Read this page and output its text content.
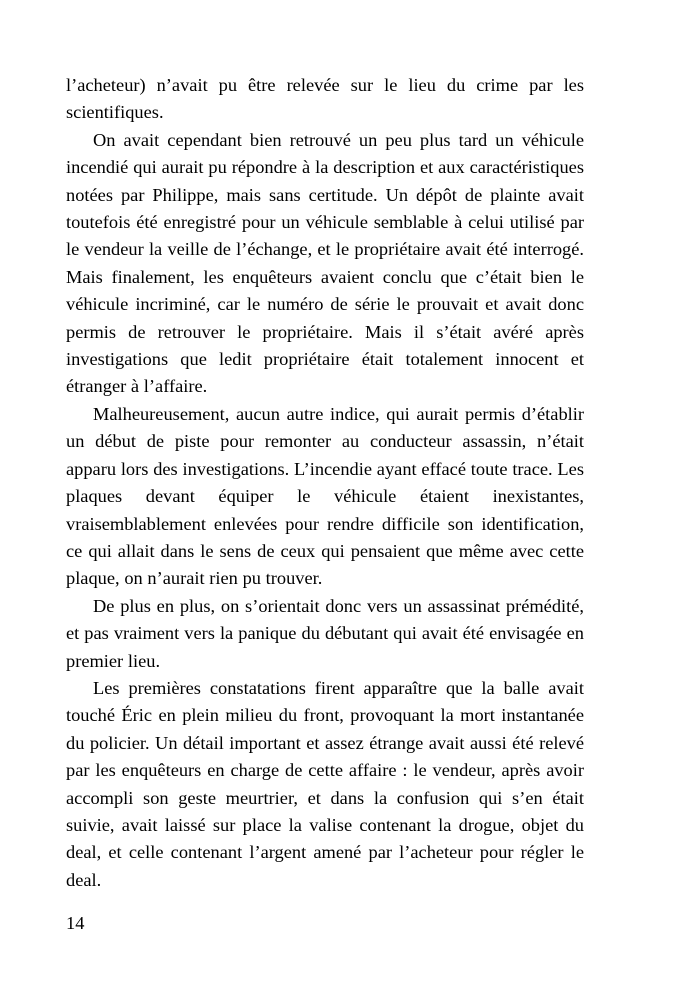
l’acheteur) n’avait pu être relevée sur le lieu du crime par les scientifiques.

On avait cependant bien retrouvé un peu plus tard un véhicule incendié qui aurait pu répondre à la description et aux caractéristiques notées par Philippe, mais sans certitude. Un dépôt de plainte avait toutefois été enregistré pour un véhicule semblable à celui utilisé par le vendeur la veille de l’échange, et le propriétaire avait été interrogé. Mais finalement, les enquêteurs avaient conclu que c’était bien le véhicule incriminé, car le numéro de série le prouvait et avait donc permis de retrouver le propriétaire. Mais il s’était avéré après investigations que ledit propriétaire était totalement innocent et étranger à l’affaire.

Malheureusement, aucun autre indice, qui aurait permis d’établir un début de piste pour remonter au conducteur assassin, n’était apparu lors des investigations. L’incendie ayant effacé toute trace. Les plaques devant équiper le véhicule étaient inexistantes, vraisemblablement enlevées pour rendre difficile son identification, ce qui allait dans le sens de ceux qui pensaient que même avec cette plaque, on n’aurait rien pu trouver.

De plus en plus, on s’orientait donc vers un assassinat prémédité, et pas vraiment vers la panique du débutant qui avait été envisagée en premier lieu.

Les premières constatations firent apparaître que la balle avait touché Éric en plein milieu du front, provoquant la mort instantanée du policier. Un détail important et assez étrange avait aussi été relevé par les enquêteurs en charge de cette affaire : le vendeur, après avoir accompli son geste meurtrier, et dans la confusion qui s’en était suivie, avait laissé sur place la valise contenant la drogue, objet du deal, et celle contenant l’argent amené par l’acheteur pour régler le deal.

14
